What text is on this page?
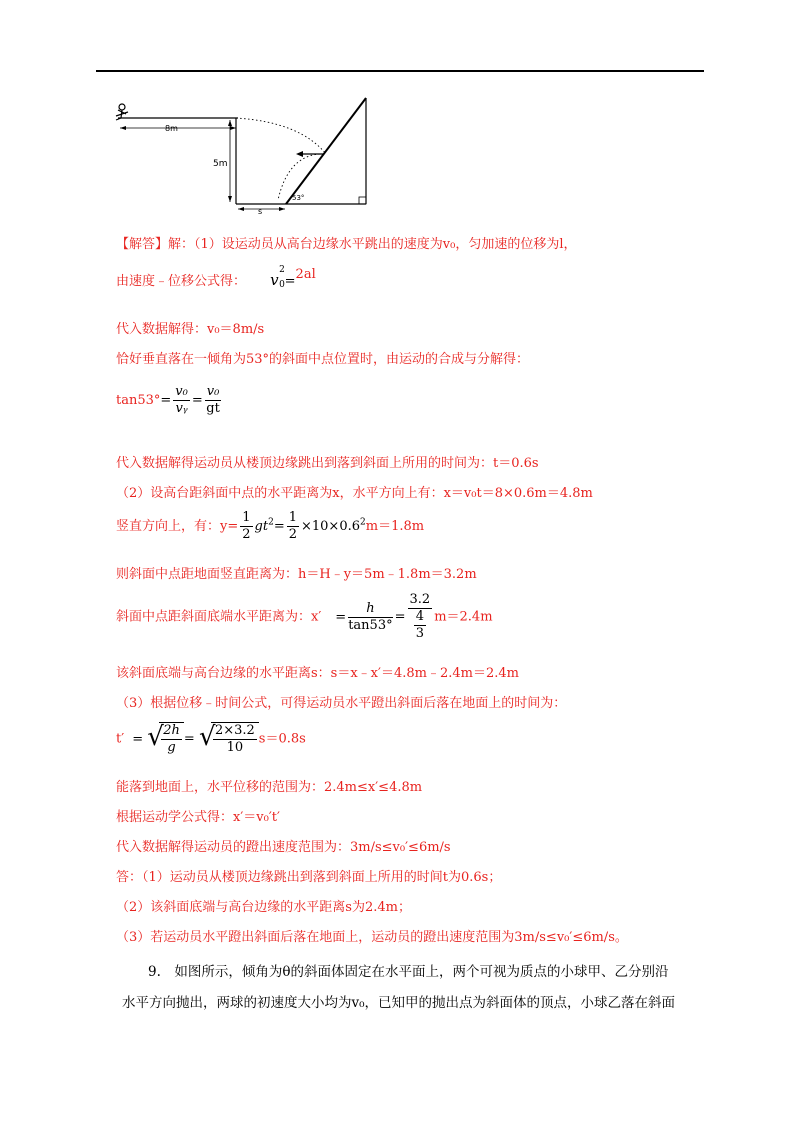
8m
5m
53°
s
【解答】解：（1）设运动员从高台边缘水平跳出的速度为v₀，匀加速的位移为l，
由速度﹣位移公式得： v
2
0 =2al
代入数据解得：v₀＝8m/s
恰好垂直落在一倾角为53°的斜面中点位置时，由运动的合成与分解得：
$\tan 53^\circ= \frac{\text{v₀}}{\text{vᵧ}} = \frac{\text{v₀}}{gt}$
代入数据解得运动员从楼顶边缘跳出到落到斜面上所用的时间为：t＝0.6s
（2）设高台距斜面中点的水平距离为x，水平方向上有：x＝v₀t＝8×0.6m＝4.8m
竖直方向上，有：$y= \frac{1}{2} gt^2= \frac{1}{2} \times 10\times 0.6^2m=1.8m$
则斜面中点距地面竖直距离为：h＝H﹣y＝5m﹣1.8m＝3.2m
斜面中点距斜面底端水平距离为：$x' = \frac{h}{\tan 53^\circ} = \frac{3.2}{\frac{4}{3}} m=2.4m$
该斜面底端与高台边缘的水平距离s：s＝x﹣x′＝4.8m﹣2.4m＝2.4m
（3）根据位移﹣时间公式，可得运动员水平蹬出斜面后落在地面上的时间为：
t′ = √
$\frac{2h}{g}$ = √
$\frac{2\times 3.2}{10} s=0.8s$
能落到地面上，水平位移的范围为：2.4m≤x′≤4.8m
根据运动学公式得：x′＝v₀′t′
代入数据解得运动员的蹬出速度范围为：3m/s≤v₀′≤6m/s
答：（1）运动员从楼顶边缘跳出到落到斜面上所用的时间t为0.6s；
（2）该斜面底端与高台边缘的水平距离s为2.4m；
（3）若运动员水平蹬出斜面后落在地面上，运动员的蹬出速度范围为3m/s≤v₀′≤6m/s。
9.　如图所示，倾角为θ的斜面体固定在水平面上，两个可视为质点的小球甲、乙分别沿
水平方向抛出，两球的初速度大小均为v₀，已知甲的抛出点为斜面体的顶点，小球乙落在斜面
